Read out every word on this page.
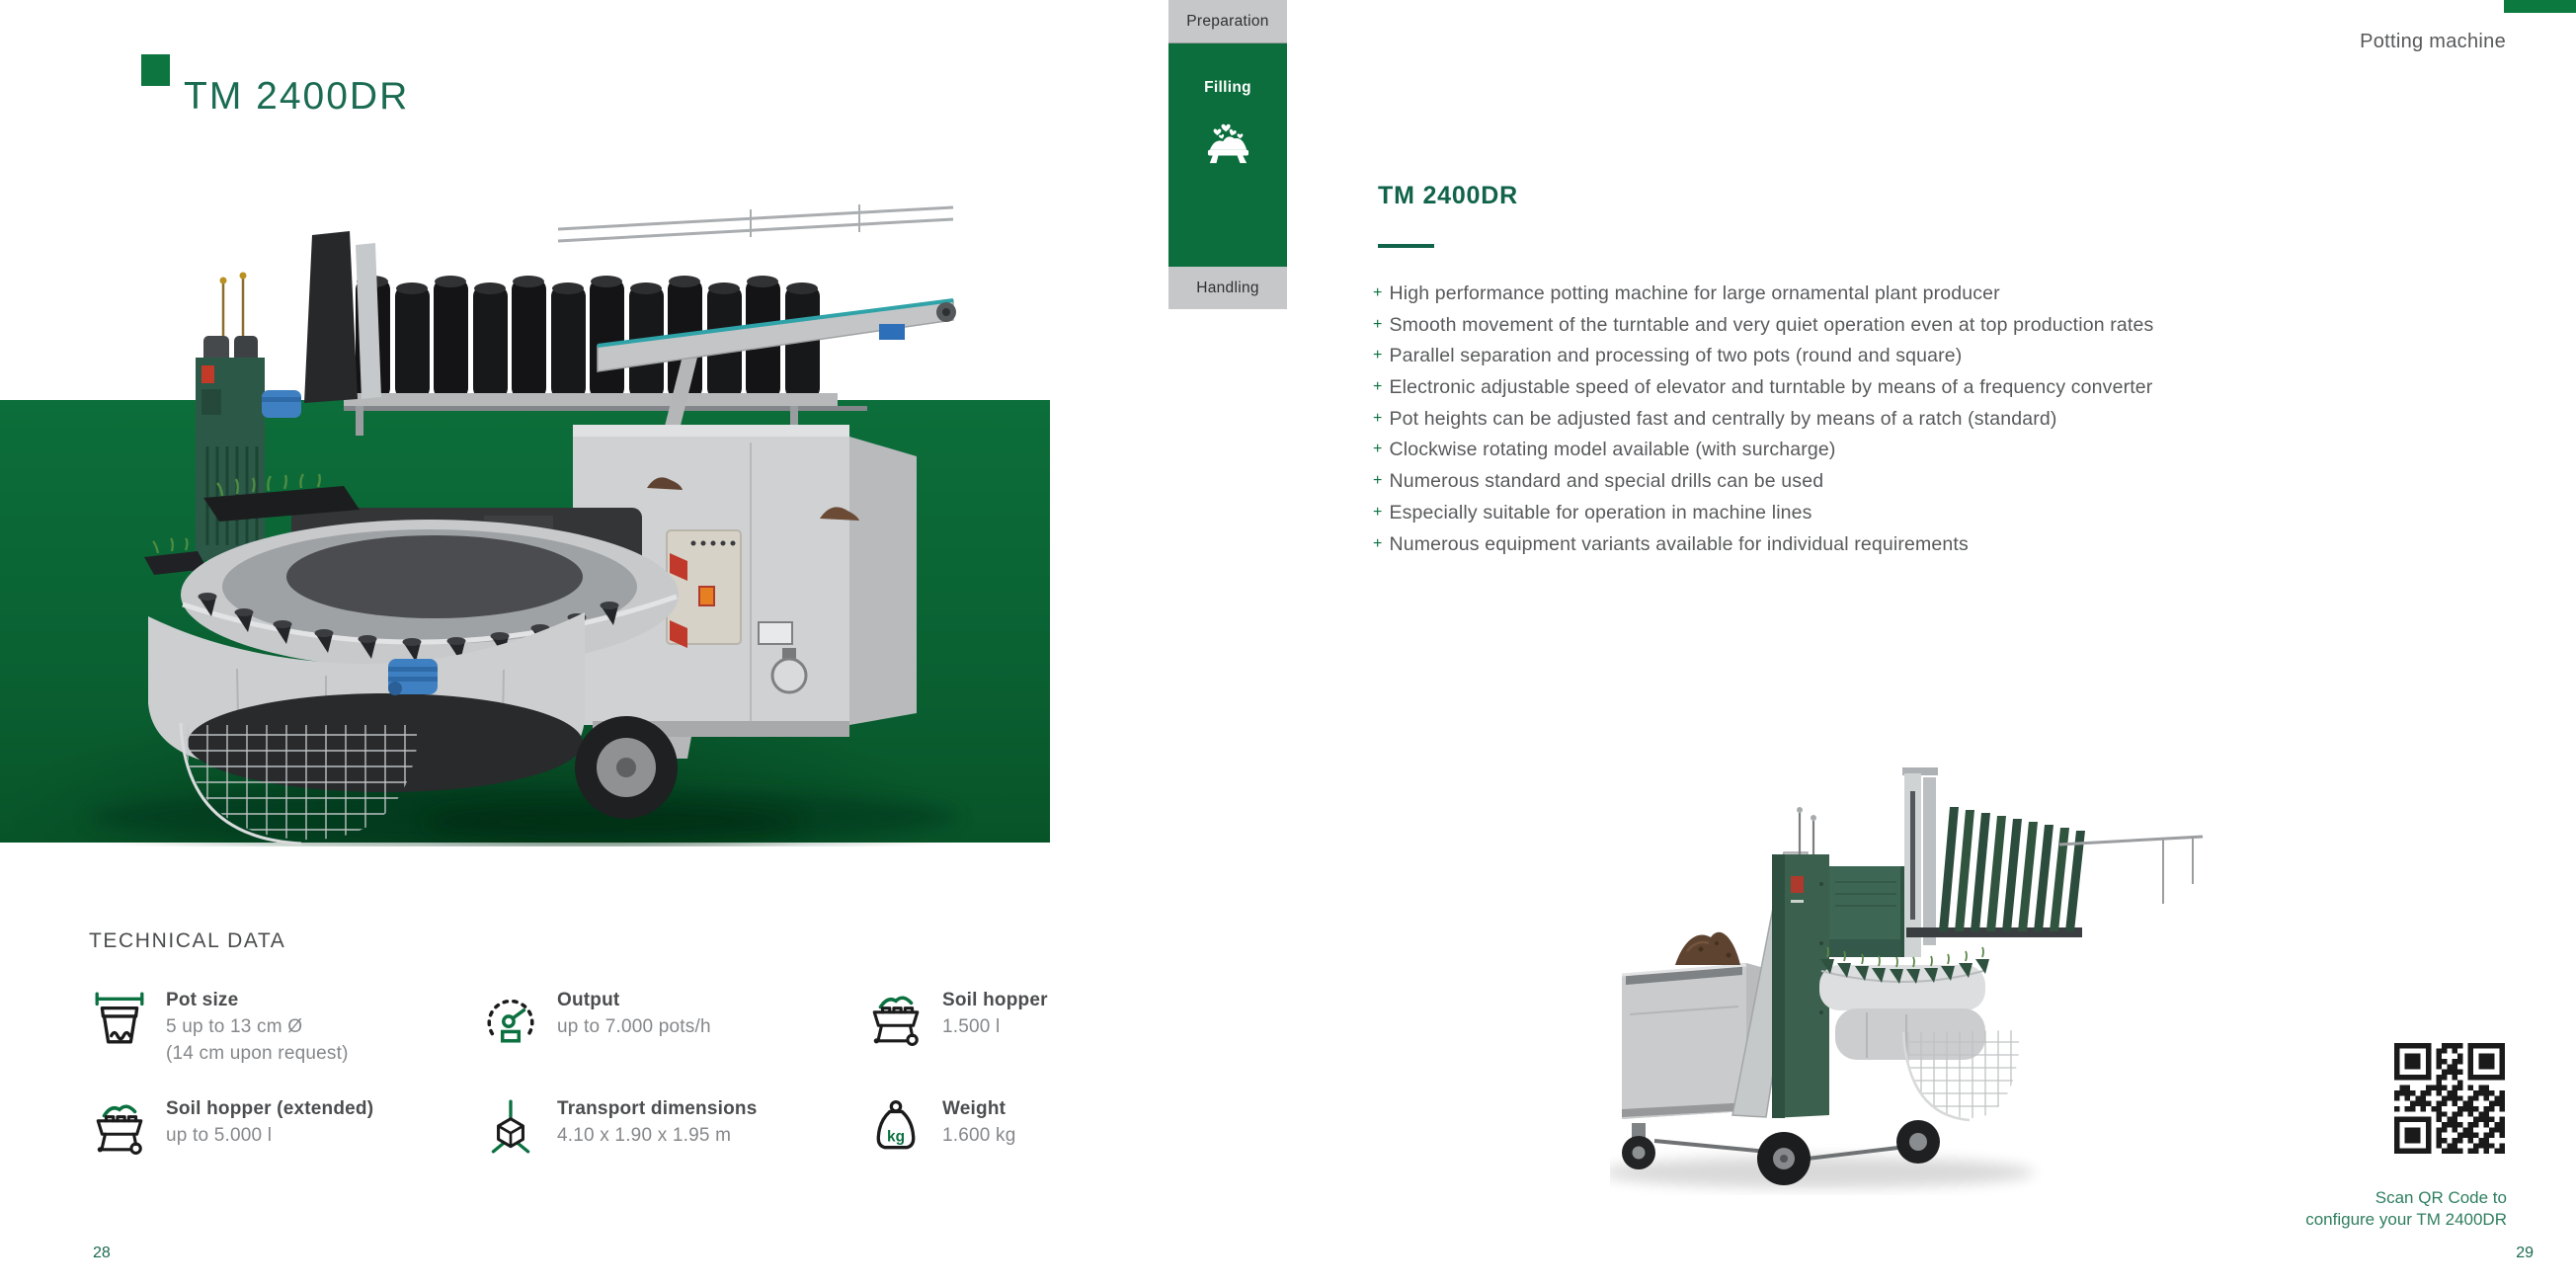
TM 2400DR
Preparation
Filling
Handling
Potting machine
TM 2400DR
+ High performance potting machine for large ornamental plant producer
+ Smooth movement of the turntable and very quiet operation even at top production rates
+ Parallel separation and processing of two pots (round and square)
+ Electronic adjustable speed of elevator and turntable by means of a frequency converter
+ Pot heights can be adjusted fast and centrally by means of a ratch (standard)
+ Clockwise rotating model available (with surcharge)
+ Numerous standard and special drills can be used
+ Especially suitable for operation in machine lines
+ Numerous equipment variants available for individual requirements
TECHNICAL DATA
Pot size
5 up to 13 cm Ø
(14 cm upon request)
Output
up to 7.000 pots/h
Soil hopper
1.500 l
Soil hopper (extended)
up to 5.000 l
Transport dimensions
4.10 x 1.90 x 1.95 m	kg
Weight
1.600 kg
Scan QR Code to
configure your TM 2400DR
28	29
